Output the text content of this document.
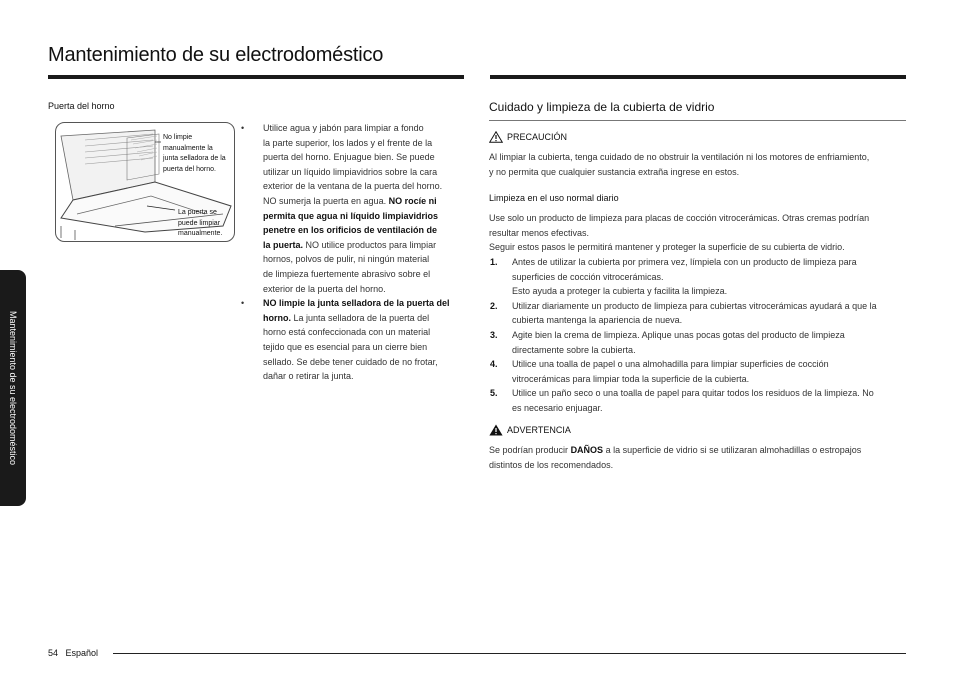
Mantenimiento de su electrodoméstico
Mantenimiento de su electrodoméstico
Puerta del horno
No limpie
manualmente la
junta selladora de la
puerta del horno.
La puerta se
puede limpiar
manualmente.
• Utilice agua y jabón para limpiar a fondo
la parte superior, los lados y el frente de la
puerta del horno. Enjuague bien. Se puede
utilizar un líquido limpiavidrios sobre la cara
exterior de la ventana de la puerta del horno.
NO sumerja la puerta en agua. NO rocíe ni
permita que agua ni líquido limpiavidrios
penetre en los orificios de ventilación de
la puerta. NO utilice productos para limpiar
hornos, polvos de pulir, ni ningún material
de limpieza fuertemente abrasivo sobre el
exterior de la puerta del horno.
• NO limpie la junta selladora de la puerta del
horno. La junta selladora de la puerta del
horno está confeccionada con un material
tejido que es esencial para un cierre bien
sellado. Se debe tener cuidado de no frotar,
dañar o retirar la junta.
Cuidado y limpieza de la cubierta de vidrio
PRECAUCIÓN
Al limpiar la cubierta, tenga cuidado de no obstruir la ventilación ni los motores de enfriamiento,
y no permita que cualquier sustancia extraña ingrese en estos.
Limpieza en el uso normal diario
Use solo un producto de limpieza para placas de cocción vitrocerámicas. Otras cremas podrían
resultar menos efectivas.
Seguir estos pasos le permitirá mantener y proteger la superficie de su cubierta de vidrio.
1. Antes de utilizar la cubierta por primera vez, límpiela con un producto de limpieza para
superficies de cocción vitrocerámicas.
Esto ayuda a proteger la cubierta y facilita la limpieza.
2. Utilizar diariamente un producto de limpieza para cubiertas vitrocerámicas ayudará a que la
cubierta mantenga la apariencia de nueva.
3. Agite bien la crema de limpieza. Aplique unas pocas gotas del producto de limpieza
directamente sobre la cubierta.
4. Utilice una toalla de papel o una almohadilla para limpiar superficies de cocción
vitrocerámicas para limpiar toda la superficie de la cubierta.
5. Utilice un paño seco o una toalla de papel para quitar todos los residuos de la limpieza. No
es necesario enjuagar.
ADVERTENCIA
Se podrían producir DAÑOS a la superficie de vidrio si se utilizaran almohadillas o estropajos
distintos de los recomendados.
54 Español
